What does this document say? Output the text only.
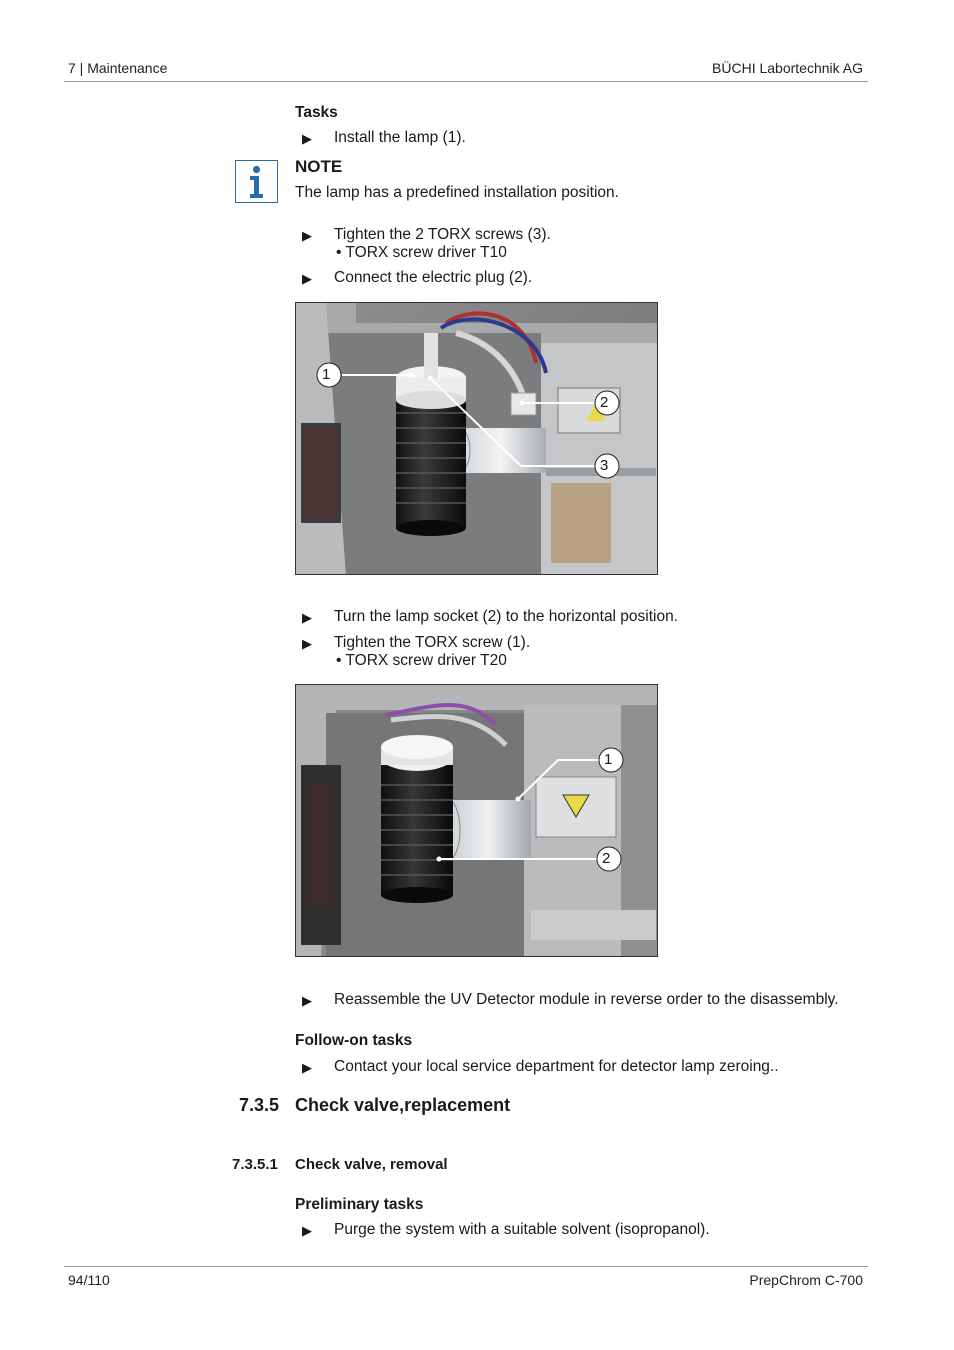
7 | Maintenance	BÜCHI Labortechnik AG
Tasks
▶ Install the lamp (1).
NOTE
The lamp has a predefined installation position.
▶ Tighten the 2 TORX screws (3).
• TORX screw driver T10
▶ Connect the electric plug (2).
1
2
3
▶ Turn the lamp socket (2) to the horizontal position.
▶ Tighten the TORX screw (1).
• TORX screw driver T20
1
2
▶ Reassemble the UV Detector module in reverse order to the disassembly.
Follow-on tasks
▶ Contact your local service department for detector lamp zeroing..
7.3.5 Check valve,replacement
7.3.5.1 Check valve, removal
Preliminary tasks
▶ Purge the system with a suitable solvent (isopropanol).
94/110	PrepChrom C-700
